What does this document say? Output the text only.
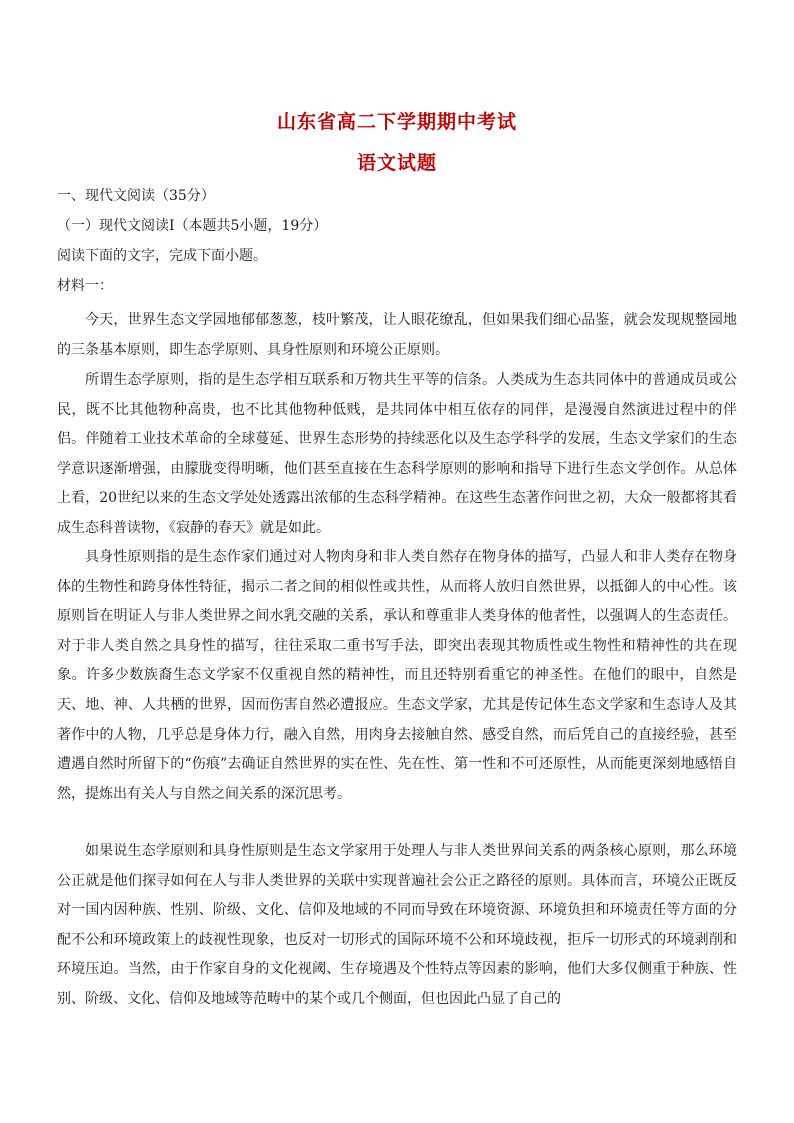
山东省高二下学期期中考试
语文试题
一、现代文阅读（35分）
（一）现代文阅读Ⅰ（本题共5小题，19分）
阅读下面的文字，完成下面小题。
材料一：

今天，世界生态文学园地郁郁葱葱，枝叶繁茂，让人眼花缭乱，但如果我们细心品鉴，就会发现规整园地的三条基本原则，即生态学原则、具身性原则和环境公正原则。

所谓生态学原则，指的是生态学相互联系和万物共生平等的信条。人类成为生态共同体中的普通成员或公民，既不比其他物种高贵，也不比其他物种低贱，是共同体中相互依存的同伴，是漫漫自然演进过程中的伴侣。伴随着工业技术革命的全球蔓延、世界生态形势的持续恶化以及生态学科学的发展，生态文学家们的生态学意识逐渐增强，由朦胧变得明晰，他们甚至直接在生态科学原则的影响和指导下进行生态文学创作。从总体上看，20世纪以来的生态文学处处透露出浓郁的生态科学精神。在这些生态著作问世之初，大众一般都将其看成生态科普读物，《寂静的春天》就是如此。

具身性原则指的是生态作家们通过对人物肉身和非人类自然存在物身体的描写，凸显人和非人类存在物身体的生物性和跨身体性特征，揭示二者之间的相似性或共性，从而将人放归自然世界，以抵御人的中心性。该原则旨在明证人与非人类世界之间水乳交融的关系，承认和尊重非人类身体的他者性，以强调人的生态责任。对于非人类自然之具身性的描写，往往采取二重书写手法，即突出表现其物质性或生物性和精神性的共在现象。许多少数族裔生态文学家不仅重视自然的精神性，而且还特别看重它的神圣性。在他们的眼中，自然是天、地、神、人共栖的世界，因而伤害自然必遭报应。生态文学家，尤其是传记体生态文学家和生态诗人及其著作中的人物，几乎总是身体力行，融入自然，用肉身去接触自然、感受自然，而后凭自己的直接经验，甚至遭遇自然时所留下的“伤痕”去确证自然世界的实在性、先在性、第一性和不可还原性，从而能更深刻地感悟自然，提炼出有关人与自然之间关系的深沉思考。

如果说生态学原则和具身性原则是生态文学家用于处理人与非人类世界间关系的两条核心原则，那么环境公正就是他们探寻如何在人与非人类世界的关联中实现普遍社会公正之路径的原则。具体而言，环境公正既反对一国内因种族、性别、阶级、文化、信仰及地域的不同而导致在环境资源、环境负担和环境责任等方面的分配不公和环境政策上的歧视性现象，也反对一切形式的国际环境不公和环境歧视，拒斥一切形式的环境剥削和环境压迫。当然，由于作家自身的文化视阈、生存境遇及个性特点等因素的影响，他们大多仅侧重于种族、性别、阶级、文化、信仰及地域等范畴中的某个或几个侧面，但也因此凸显了自己的
